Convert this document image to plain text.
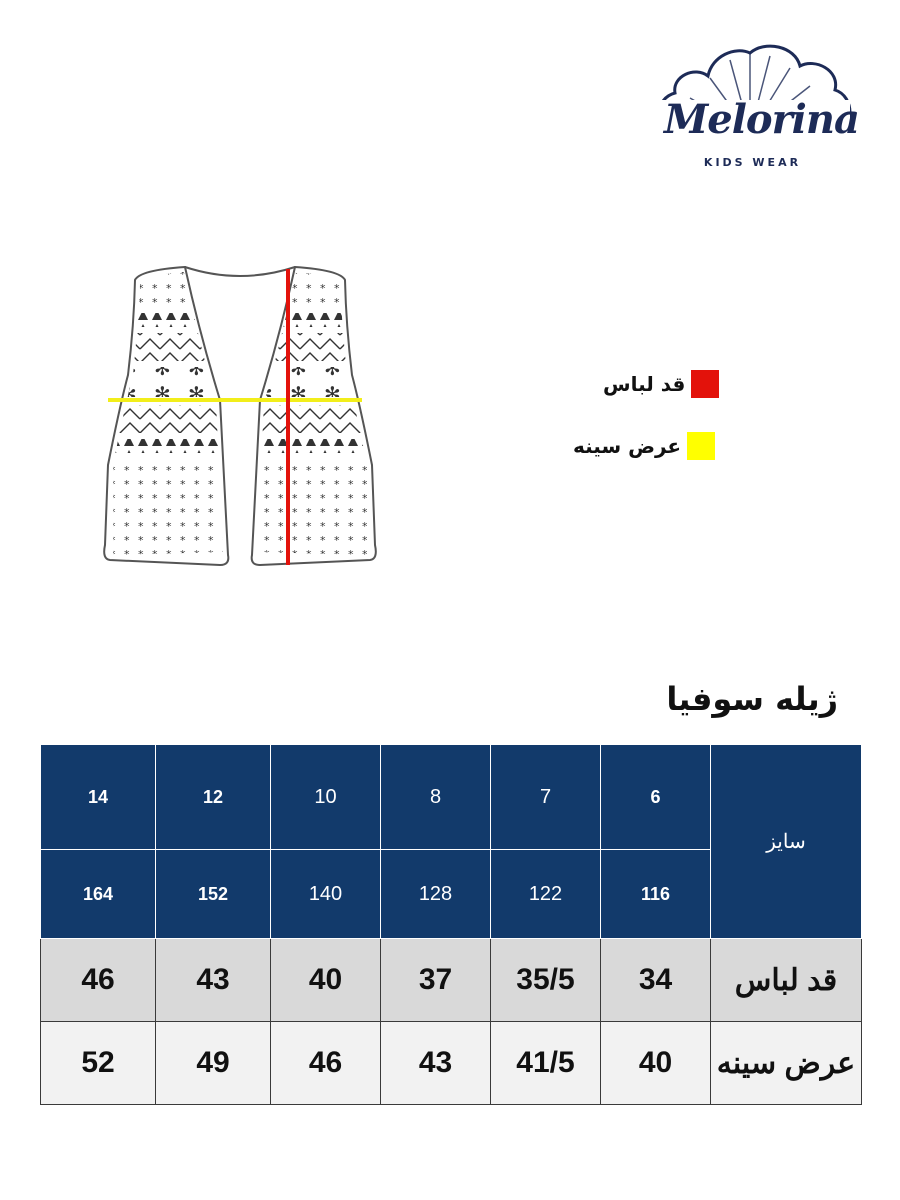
Melorina
KIDS WEAR
قد لباس
عرض سینه
ژیله سوفیا
14	12	10	8	7	6	سایز
164	152	140	128	122	116	
46	43	40	37	35/5	34	قد لباس
52	49	46	43	41/5	40	عرض سینه
